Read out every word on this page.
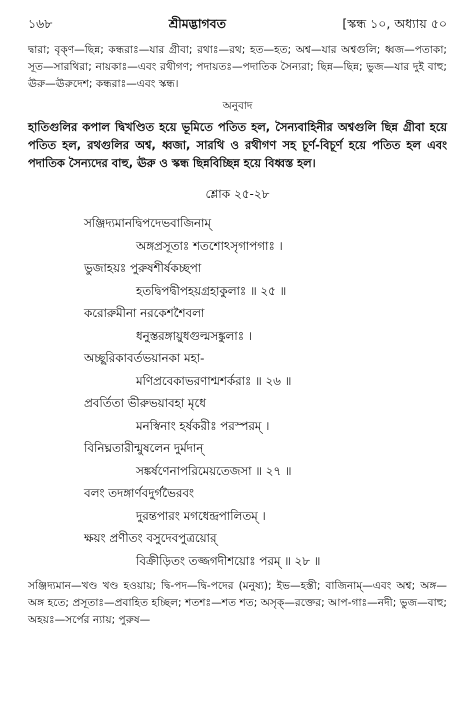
১৬৮	শ্রীমদ্ভাগবত	[স্কন্ধ ১০, অধ্যায় ৫০
দ্বারা; বৃক্ণ—ছিন্ন; কন্ধরাঃ—যার গ্রীবা; রথাঃ—রথ; হত—হত; অশ্ব—যার অশ্বগুলি; ধ্বজ—পতাকা; সূত—সারথিরা; নায়কাঃ—এবং রথীগণ; পদায়তঃ—পদাতিক সৈন্যরা; ছিন্ন—ছিন্ন; ভুজ—যার দুই বাহু; ঊরু—ঊরুদেশ; কন্ধরাঃ—এবং স্কন্ধ।
অনুবাদ
হাতিগুলির কপাল দ্বিখণ্ডিত হয়ে ভূমিতে পতিত হল, সৈন্যবাহিনীর অশ্বগুলি ছিন্ন গ্রীবা হয়ে পতিত হল, রথগুলির অশ্ব, ধ্বজা, সারথি ও রথীগণ সহ চূর্ণ-বিচূর্ণ হয়ে পতিত হল এবং পদাতিক সৈন্যদের বাহু, ঊরু ও স্কন্ধ ছিন্নবিচ্ছিন্ন হয়ে বিধ্বস্ত হল।
শ্লোক ২৫-২৮
সঞ্জিদ্যমানদ্বিপদেভবাজিনাম্
অঙ্গপ্রসূতাঃ শতশোঽসৃগাপগাঃ ।
ভুজাহয়ঃ পুরুষশীর্ষকচ্ছপা
হতদ্বিপদ্বীপহয়গ্রহাকুলাঃ ॥ ২৫ ॥
করোরুমীনা নরকেশশৈবলা
ধনুস্তরঙ্গায়ুধগুল্মসঙ্কুলাঃ ।
অচ্ছূরিকাবর্তভয়ানকা মহা-
মণিপ্রবেকাভরণাশ্মশর্করাঃ ॥ ২৬ ॥
প্রবর্তিতা ভীরুভয়াবহা মৃধে
মনস্বিনাং হর্ষকরীঃ পরস্পরম্ ।
বিনিঘ্নতারীন্মুষলেন দুর্মদান্
সঙ্কর্ষণেনাপরিমেয়তেজসা ॥ ২৭ ॥
বলং তদঙ্গার্ণবদুর্গভৈরবং
দুরন্তপারং মগধেন্দ্রপালিতম্ ।
ক্ষয়ং প্রণীতং বসুদেবপুত্রয়োর্
বিক্রীড়িতং তজ্জগদীশয়োঃ পরম্ ॥ ২৮ ॥
সঞ্জিদ্যমান—খণ্ড খণ্ড হওয়ায়; দ্বি-পদ—দ্বি-পদের (মনুষ্য); ইভ—হস্তী; বাজিনাম্—এবং অশ্ব; অঙ্গ—অঙ্গ হতে; প্রসূতাঃ—প্রবাহিত হচ্ছিল; শতশঃ—শত শত; অসৃক্—রক্তের; আপ-গাঃ—নদী; ভুজ—বাহু; অহয়ঃ—সর্পের ন্যায়; পুরুষ—
